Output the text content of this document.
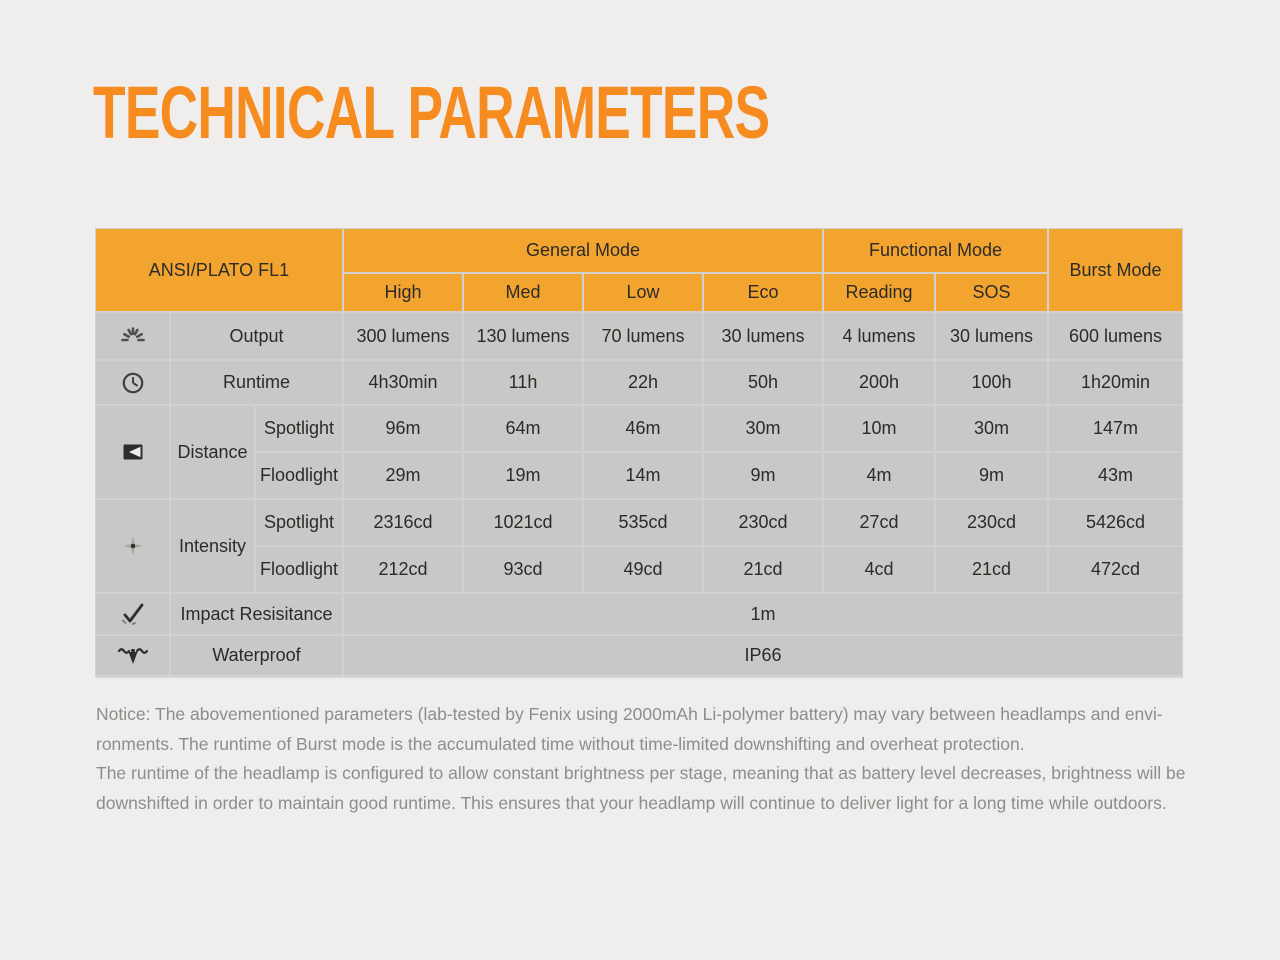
TECHNICAL PARAMETERS
ANSI/PLATO FL1			General Mode				Functional Mode		Burst Mode
			High	Med	Low	Eco	Reading	SOS	

	Output		300 lumens	130 lumens	70 lumens	30 lumens	4 lumens	30 lumens	600 lumens

	Runtime		4h30min	11h	22h	50h	200h	100h	1h20min

	Distance	Spotlight	96m	64m	46m	30m	10m	30m	147m
		Floodlight	29m	19m	14m	9m	4m	9m	43m

	Intensity	Spotlight	2316cd	1021cd	535cd	230cd	27cd	230cd	5426cd
		Floodlight	212cd	93cd	49cd	21cd	4cd	21cd	472cd

	Impact Resisitance		1m						

	Waterproof		IP66						
Notice: The abovementioned parameters (lab-tested by Fenix using 2000mAh Li-polymer battery) may vary between headlamps and envi-
ronments. The runtime of Burst mode is the accumulated time without time-limited downshifting and overheat protection.
The runtime of the headlamp is configured to allow constant brightness per stage, meaning that as battery level decreases, brightness will be
downshifted in order to maintain good runtime. This ensures that your headlamp will continue to deliver light for a long time while outdoors.
